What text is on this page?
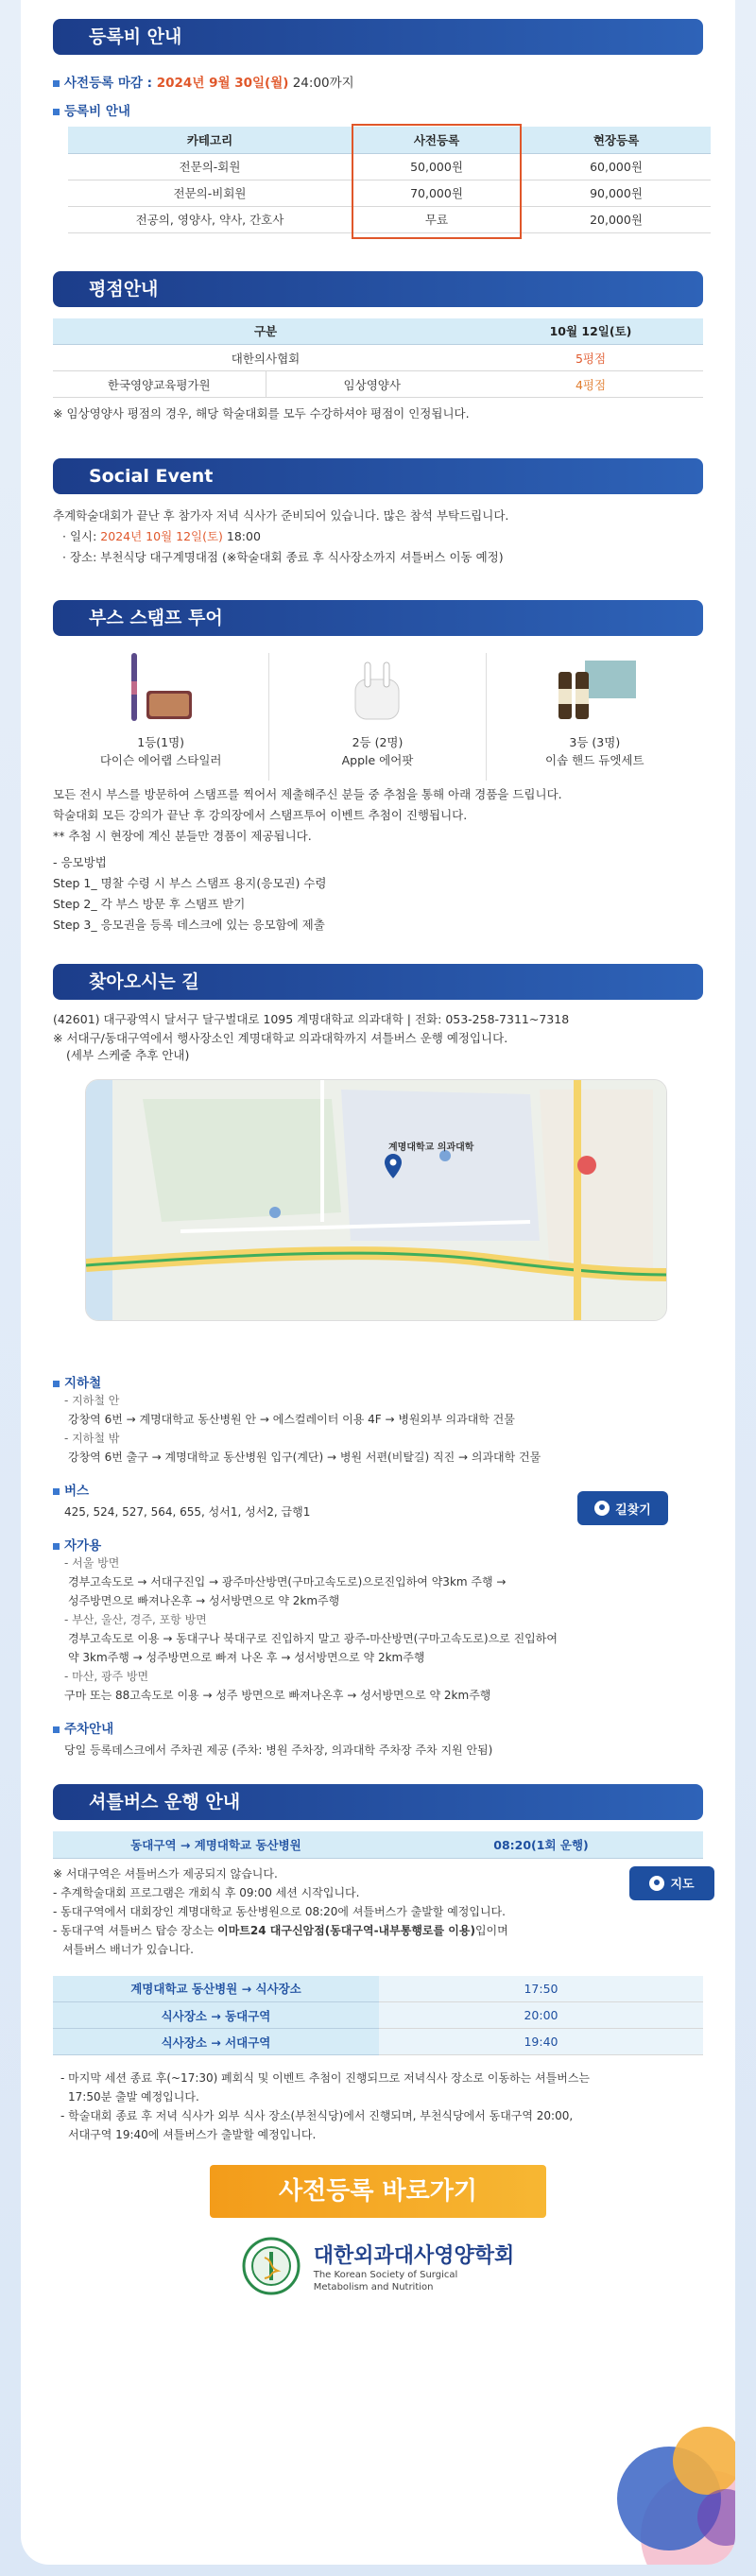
등록비 안내
사전등록 마감 : 2024년 9월 30일(월) 24:00까지
등록비 안내
카테고리	사전등록	현장등록
전문의-회원	50,000원	60,000원
전문의-비회원	70,000원	90,000원
전공의, 영양사, 약사, 간호사	무료	20,000원
평점안내
구분		10월 12일(토)
대한의사협회		5평점
한국영양교육평가원	임상영양사	4평점
※ 임상영양사 평점의 경우, 해당 학술대회를 모두 수강하셔야 평점이 인정됩니다.
Social Event
추계학술대회가 끝난 후 참가자 저녁 식사가 준비되어 있습니다. 많은 참석 부탁드립니다.
· 일시: 2024년 10월 12일(토) 18:00
· 장소: 부천식당 대구계명대점 (※학술대회 종료 후 식사장소까지 셔틀버스 이동 예정)
부스 스탬프 투어
1등(1명)
다이슨 에어랩 스타일러
2등 (2명)
Apple 에어팟
3등 (3명)
이솝 핸드 듀엣세트
모든 전시 부스를 방문하여 스탬프를 찍어서 제출해주신 분들 중 추첨을 통해 아래 경품을 드립니다.
학술대회 모든 강의가 끝난 후 강의장에서 스탬프투어 이벤트 추첨이 진행됩니다.
** 추첨 시 현장에 계신 분들만 경품이 제공됩니다.
- 응모방법
Step 1_ 명찰 수령 시 부스 스탬프 용지(응모권) 수령
Step 2_ 각 부스 방문 후 스탬프 받기
Step 3_ 응모권을 등록 데스크에 있는 응모함에 제출
찾아오시는 길
(42601) 대구광역시 달서구 달구벌대로 1095 계명대학교 의과대학 | 전화: 053-258-7311~7318
※ 서대구/동대구역에서 행사장소인 계명대학교 의과대학까지 셔틀버스 운행 예정입니다.
(세부 스케줄 추후 안내)
계명대학교 의과대학
길찾기
지하철
- 지하철 안
강창역 6번 → 계명대학교 동산병원 안 → 에스컬레이터 이용 4F → 병원외부 의과대학 건물
- 지하철 밖
강창역 6번 출구 → 계명대학교 동산병원 입구(계단) → 병원 서편(비탈길) 직진 → 의과대학 건물
버스
425, 524, 527, 564, 655, 성서1, 성서2, 급행1
자가용
- 서울 방면
경부고속도로 → 서대구진입 → 광주마산방면(구마고속도로)으로진입하여 약3km 주행 →
성주방면으로 빠져나온후 → 성서방면으로 약 2km주행
- 부산, 울산, 경주, 포항 방면
경부고속도로 이용 → 동대구나 북대구로 진입하지 말고 광주-마산방면(구마고속도로)으로 진입하여
약 3km주행 → 성주방면으로 빠져 나온 후 → 성서방면으로 약 2km주행
- 마산, 광주 방면
구마 또는 88고속도로 이용 → 성주 방면으로 빠져나온후 → 성서방면으로 약 2km주행
주차안내
당일 등록데스크에서 주차권 제공 (주차: 병원 주차장, 의과대학 주차장 주차 지원 안됨)
셔틀버스 운행 안내
동대구역 → 계명대학교 동산병원	08:20(1회 운행)
지도
※ 서대구역은 셔틀버스가 제공되지 않습니다.
- 추계학술대회 프로그램은 개회식 후 09:00 세션 시작입니다.
- 동대구역에서 대회장인 계명대학교 동산병원으로 08:20에 셔틀버스가 출발할 예정입니다.
- 동대구역 셔틀버스 탑승 장소는 이마트24 대구신암점(동대구역-내부통행로를 이용)입이며
셔틀버스 배너가 있습니다.
계명대학교 동산병원 → 식사장소	17:50
식사장소 → 동대구역	20:00
식사장소 → 서대구역	19:40
- 마지막 세션 종료 후(~17:30) 폐회식 및 이벤트 추첨이 진행되므로 저녁식사 장소로 이동하는 셔틀버스는
17:50분 출발 예정입니다.
- 학술대회 종료 후 저녁 식사가 외부 식사 장소(부천식당)에서 진행되며, 부천식당에서 동대구역 20:00,
서대구역 19:40에 셔틀버스가 출발할 예정입니다.
사전등록 바로가기
대한외과대사영양학회
The Korean Society of Surgical
Metabolism and Nutrition
